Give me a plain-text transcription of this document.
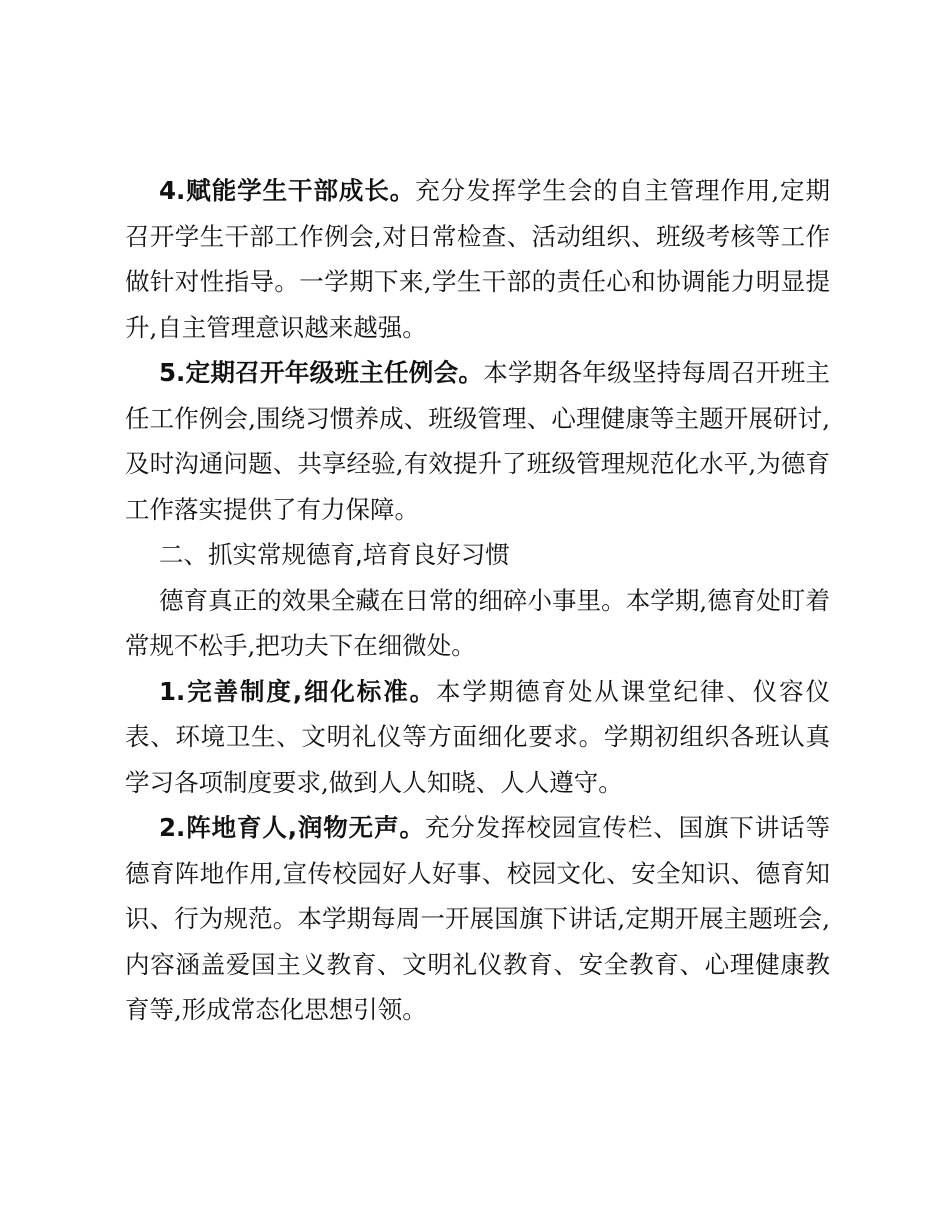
4.赋能学生干部成长。充分发挥学生会的自主管理作用,定期召开学生干部工作例会,对日常检查、活动组织、班级考核等工作做针对性指导。一学期下来,学生干部的责任心和协调能力明显提升,自主管理意识越来越强。

5.定期召开年级班主任例会。本学期各年级坚持每周召开班主任工作例会,围绕习惯养成、班级管理、心理健康等主题开展研讨,及时沟通问题、共享经验,有效提升了班级管理规范化水平,为德育工作落实提供了有力保障。

二、抓实常规德育,培育良好习惯

德育真正的效果全藏在日常的细碎小事里。本学期,德育处盯着常规不松手,把功夫下在细微处。

1.完善制度,细化标准。本学期德育处从课堂纪律、仪容仪表、环境卫生、文明礼仪等方面细化要求。学期初组织各班认真学习各项制度要求,做到人人知晓、人人遵守。

2.阵地育人,润物无声。充分发挥校园宣传栏、国旗下讲话等德育阵地作用,宣传校园好人好事、校园文化、安全知识、德育知识、行为规范。本学期每周一开展国旗下讲话,定期开展主题班会,内容涵盖爱国主义教育、文明礼仪教育、安全教育、心理健康教育等,形成常态化思想引领。
